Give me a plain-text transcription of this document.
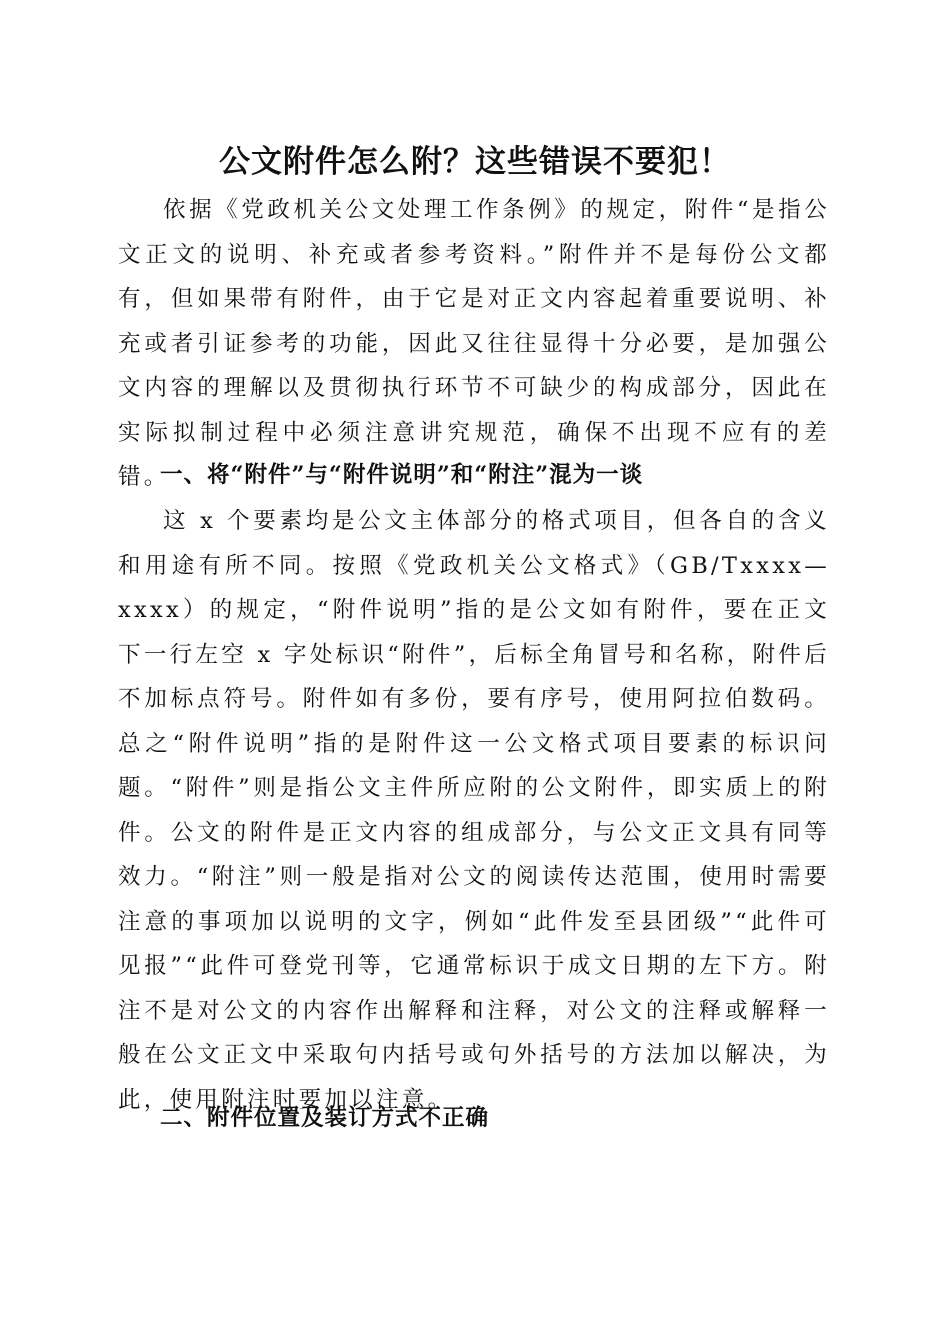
公文附件怎么附？这些错误不要犯！

依据《党政机关公文处理工作条例》的规定，附件“是指公文正文的说明、补充或者参考资料。”附件并不是每份公文都有，但如果带有附件，由于它是对正文内容起着重要说明、补充或者引证参考的功能，因此又往往显得十分必要，是加强公文内容的理解以及贯彻执行环节不可缺少的构成部分，因此在实际拟制过程中必须注意讲究规范，确保不出现不应有的差错。

一、将“附件”与“附件说明”和“附注”混为一谈

这 x 个要素均是公文主体部分的格式项目，但各自的含义和用途有所不同。按照《党政机关公文格式》（GB/Txxxx—xxxx）的规定，“附件说明”指的是公文如有附件，要在正文下一行左空 x 字处标识“附件”，后标全角冒号和名称，附件后不加标点符号。附件如有多份，要有序号，使用阿拉伯数码。总之“附件说明”指的是附件这一公文格式项目要素的标识问题。“附件”则是指公文主件所应附的公文附件，即实质上的附件。公文的附件是正文内容的组成部分，与公文正文具有同等效力。“附注”则一般是指对公文的阅读传达范围，使用时需要注意的事项加以说明的文字，例如“此件发至县团级”“此件可见报”“此件可登党刊等，它通常标识于成文日期的左下方。附注不是对公文的内容作出解释和注释，对公文的注释或解释一般在公文正文中采取句内括号或句外括号的方法加以解决，为此，使用附注时要加以注意。

二、附件位置及装订方式不正确
